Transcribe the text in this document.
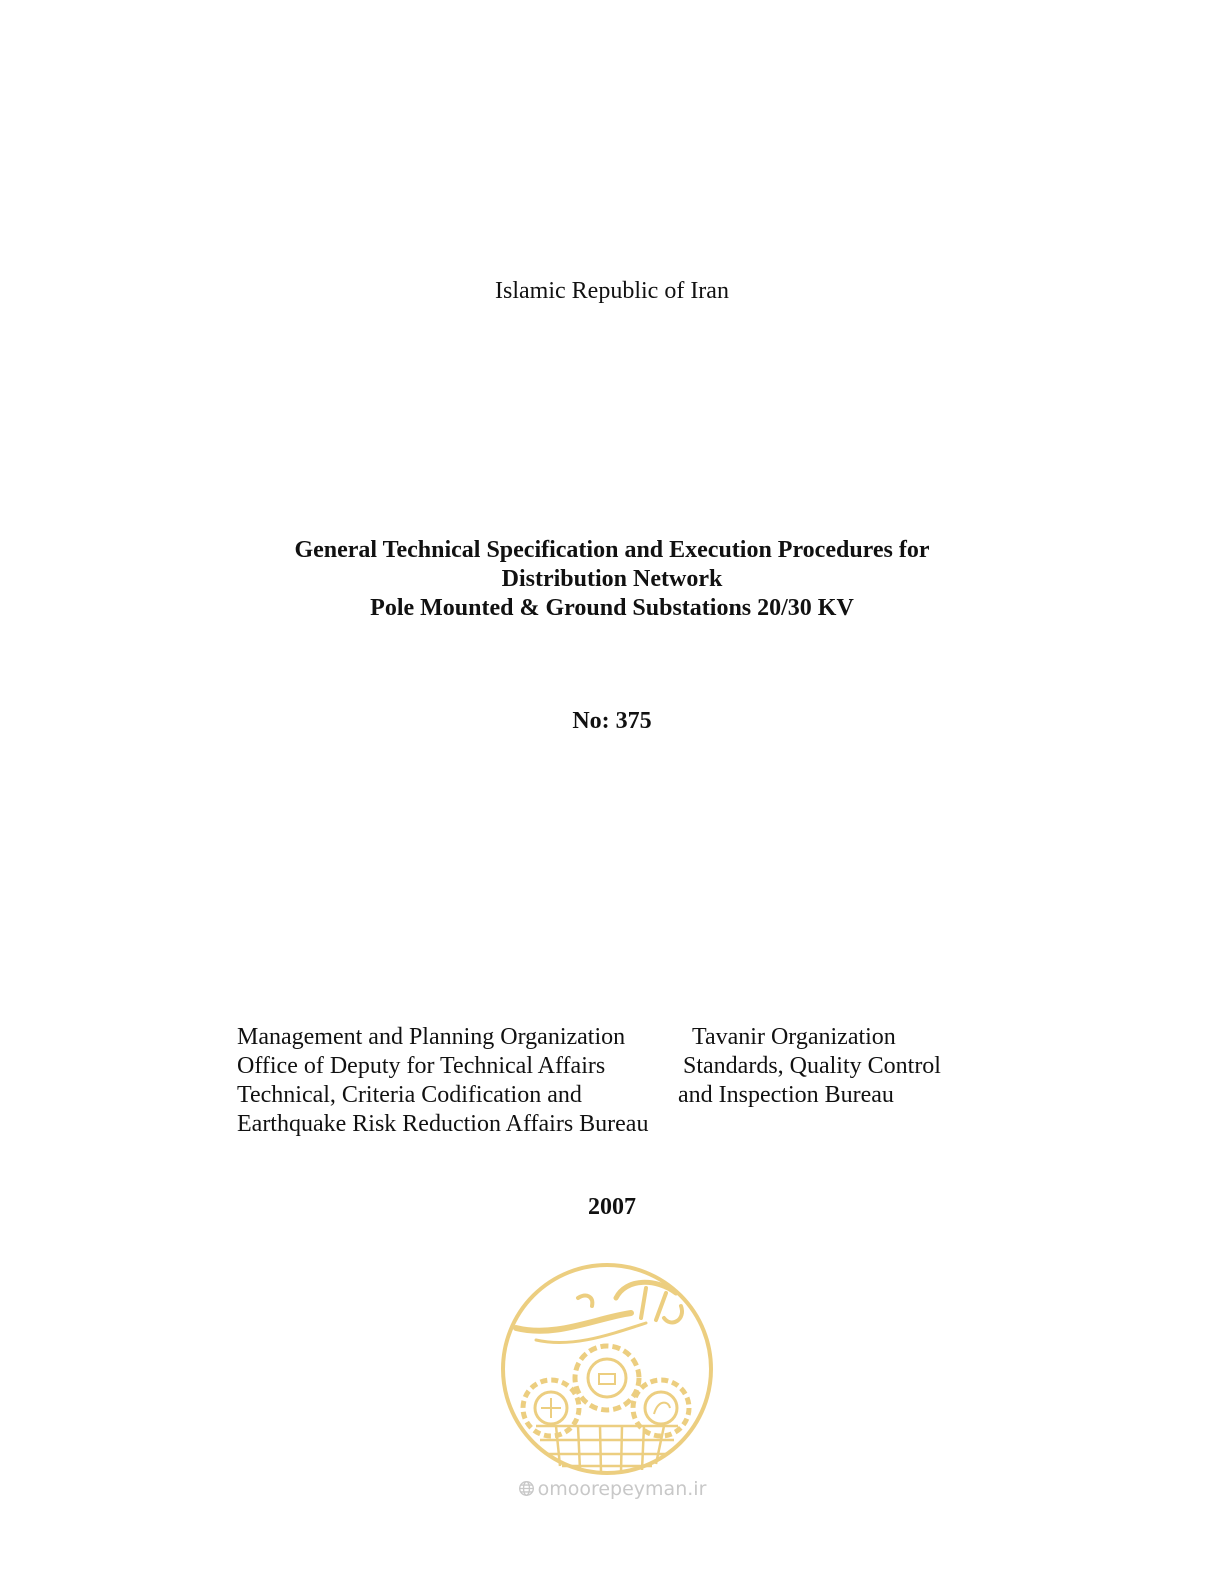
Islamic Republic of Iran
General Technical Specification and Execution Procedures for
Distribution Network
Pole Mounted & Ground Substations 20/30 KV
No: 375
Management and Planning Organization
Office of Deputy for Technical Affairs
Technical, Criteria Codification and
Earthquake Risk Reduction Affairs Bureau
Tavanir Organization
Standards, Quality Control
and Inspection Bureau
2007
omoorepeyman.ir
